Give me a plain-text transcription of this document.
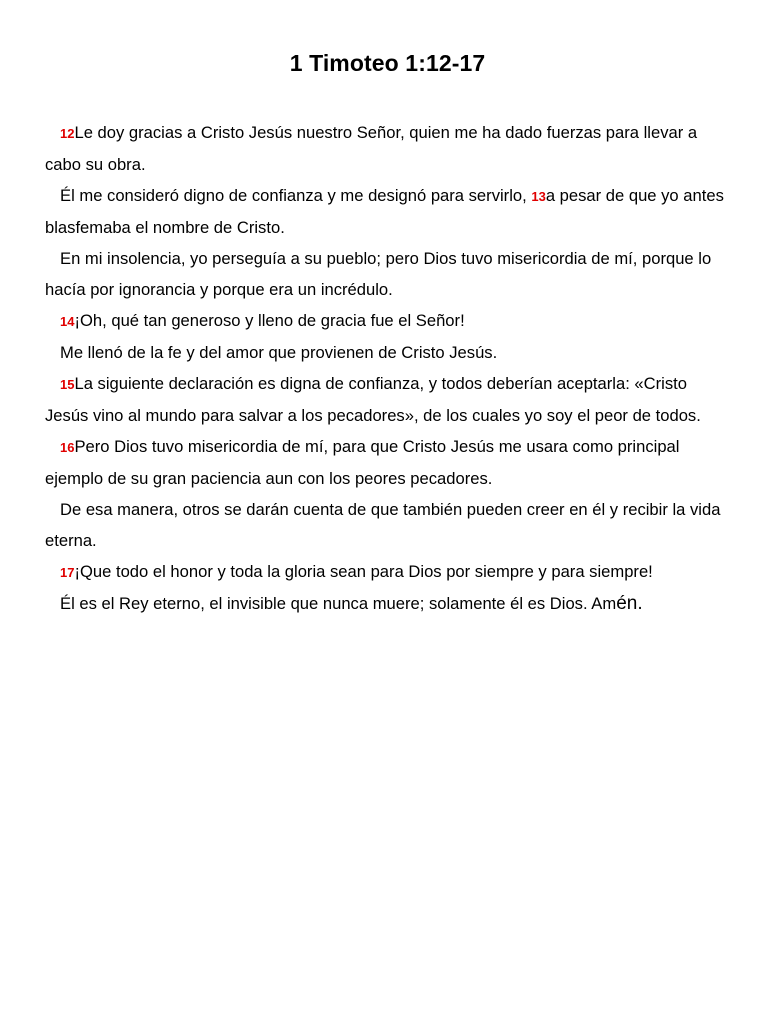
1 Timoteo 1:12-17

12Le doy gracias a Cristo Jesús nuestro Señor, quien me ha dado fuerzas para llevar a cabo su obra.

Él me consideró digno de confianza y me designó para servirlo, 13a pesar de que yo antes blasfemaba el nombre de Cristo.

En mi insolencia, yo perseguía a su pueblo; pero Dios tuvo misericordia de mí, porque lo hacía por ignorancia y porque era un incrédulo.

14¡Oh, qué tan generoso y lleno de gracia fue el Señor!

Me llenó de la fe y del amor que provienen de Cristo Jesús.

15La siguiente declaración es digna de confianza, y todos deberían aceptarla: «Cristo Jesús vino al mundo para salvar a los pecadores», de los cuales yo soy el peor de todos.

16Pero Dios tuvo misericordia de mí, para que Cristo Jesús me usara como principal ejemplo de su gran paciencia aun con los peores pecadores.

De esa manera, otros se darán cuenta de que también pueden creer en él y recibir la vida eterna.

17¡Que todo el honor y toda la gloria sean para Dios por siempre y para siempre!

Él es el Rey eterno, el invisible que nunca muere; solamente él es Dios. Amén.
